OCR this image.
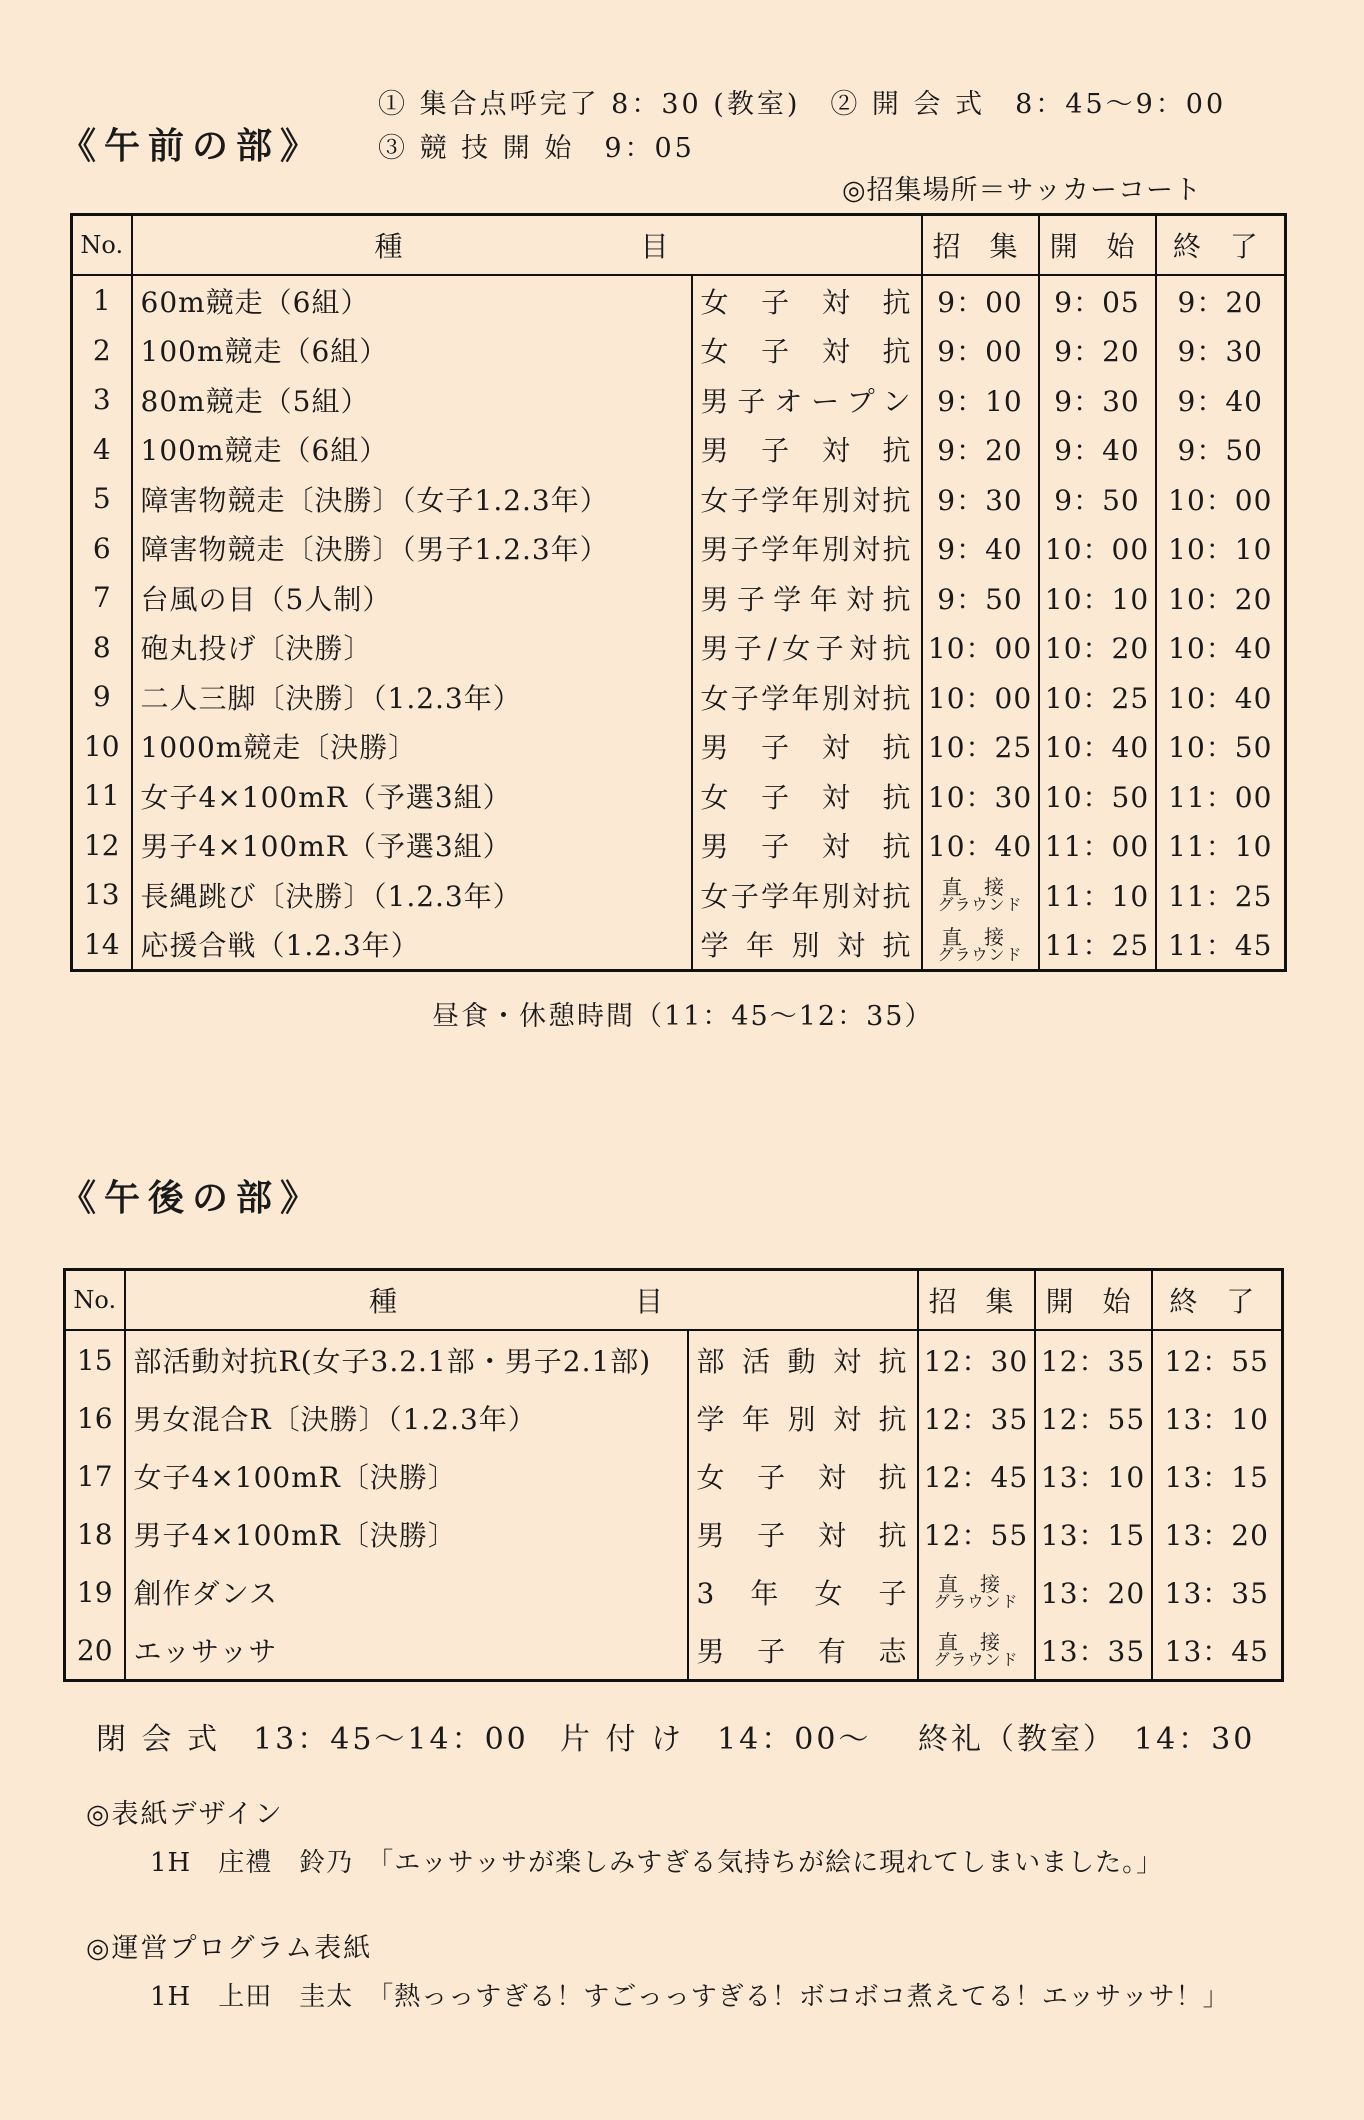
《午前の部》
① 集合点呼完了 8：30 (教室)　② 開 会 式　8：45〜9：00
③ 競 技 開 始　9：05
◎招集場所＝サッカーコート
No.	種　　　　　　目		招 集	開 始	終 了
1	60m競走（6組）	女子対抗	9：00	9：05	9：20
2	100m競走（6組）	女子対抗	9：00	9：20	9：30
3	80m競走（5組）	男子オープン	9：10	9：30	9：40
4	100m競走（6組）	男子対抗	9：20	9：40	9：50
5	障害物競走〔決勝〕（女子1.2.3年）	女子学年別対抗	9：30	9：50	10：00
6	障害物競走〔決勝〕（男子1.2.3年）	男子学年別対抗	9：40	10：00	10：10
7	台風の目（5人制）	男子学年対抗	9：50	10：10	10：20
8	砲丸投げ〔決勝〕	男子/女子対抗	10：00	10：20	10：40
9	二人三脚〔決勝〕（1.2.3年）	女子学年別対抗	10：00	10：25	10：40
10	1000m競走〔決勝〕	男子対抗	10：25	10：40	10：50
11	女子4×100mR（予選3組）	女子対抗	10：30	10：50	11：00
12	男子4×100mR（予選3組）	男子対抗	10：40	11：00	11：10
13	長縄跳び〔決勝〕（1.2.3年）	女子学年別対抗	直接
グラウンド	11：10	11：25
14	応援合戦（1.2.3年）	学年別対抗	直接
グラウンド	11：25	11：45
昼食・休憩時間（11：45〜12：35）
《午後の部》
No.	種　　　　　　目		招 集	開 始	終 了
15	部活動対抗R(女子3.2.1部・男子2.1部)	部活動対抗	12：30	12：35	12：55
16	男女混合R〔決勝〕（1.2.3年）	学年別対抗	12：35	12：55	13：10
17	女子4×100mR〔決勝〕	女子対抗	12：45	13：10	13：15
18	男子4×100mR〔決勝〕	男子対抗	12：55	13：15	13：20
19	創作ダンス	3年女子	直接
グラウンド	13：20	13：35
20	エッサッサ	男子有志	直接
グラウンド	13：35	13：45
閉 会 式　13：45〜14：00 片 付 け　14：00〜 終礼（教室）　14：30
◎表紙デザイン
1H　庄禮　鈴乃　「エッサッサが楽しみすぎる気持ちが絵に現れてしまいました。」
◎運営プログラム表紙
1H　上田　圭太　「熱っっすぎる！すごっっすぎる！ボコボコ煮えてる！エッサッサ！」
